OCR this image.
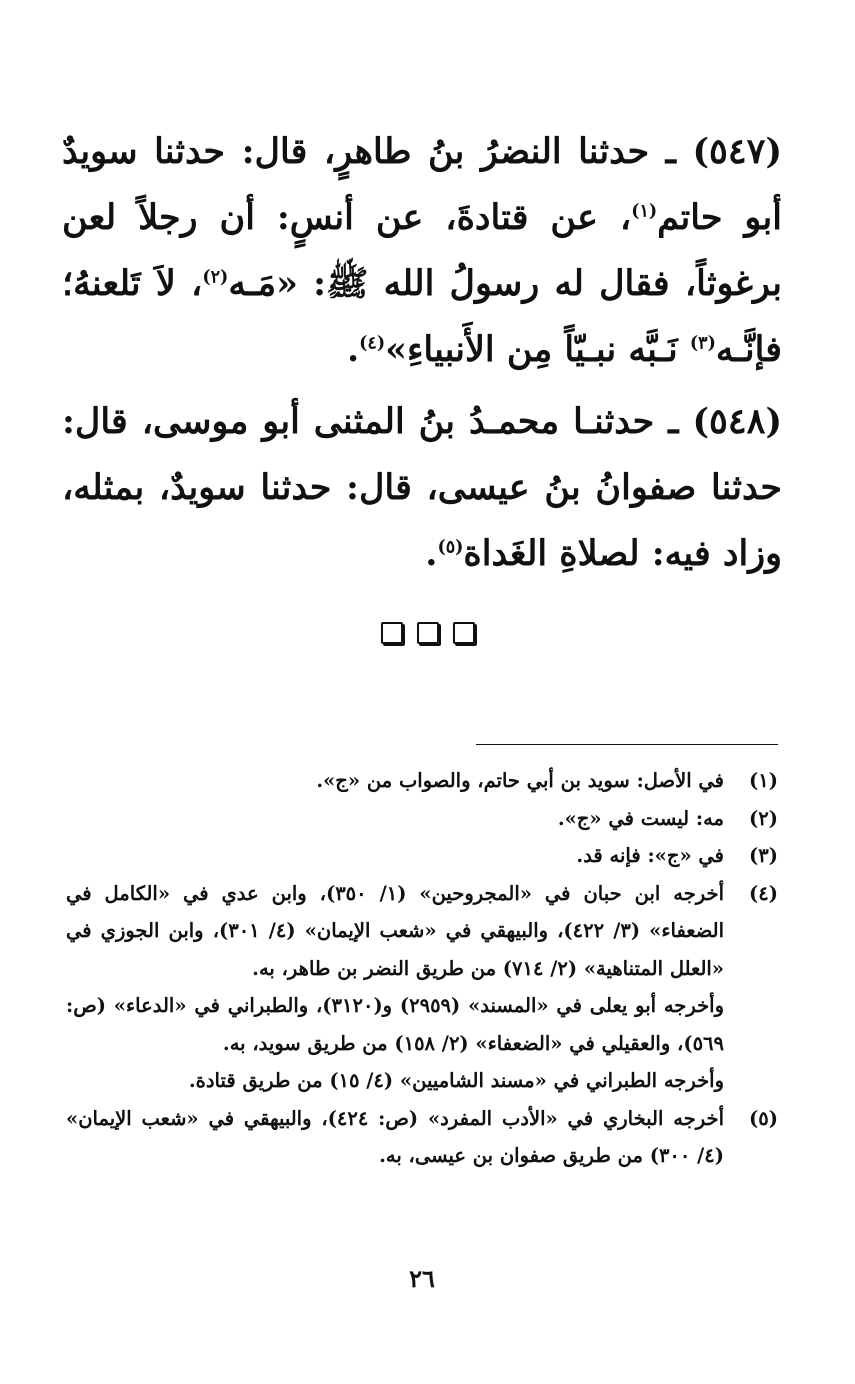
(٥٤٧) ـ حدثنا النضرُ بنُ طاهرٍ، قال: حدثنا سويدٌ أبو حاتم$^{(١)}$، عن قتادةَ، عن أنسٍ: أن رجلاً لعن برغوثاً، فقال له رسولُ الله ﷺ: «مَـه$^{(٢)}$، لاَ تَلعنهُ؛ فإنَّـه$^{(٣)}$ نَـبَّه نبـيّاً مِن الأَنبياءِ»$^{(٤)}$.

(٥٤٨) ـ حدثنـا محمـدُ بنُ المثنى أبو موسى، قال: حدثنا صفوانُ بنُ عيسى، قال: حدثنا سويدٌ، بمثله، وزاد فيه: لصلاةِ الغَداة$^{(٥)}$.

(١)

في الأصل: سويد بن أبي حاتم، والصواب من «ج».

(٢)

مه: ليست في «ج».

(٣)

في «ج»: فإنه قد.

(٤)

أخرجه ابن حبان في «المجروحين» (١/ ٣٥٠)، وابن عدي في «الكامل في الضعفاء» (٣/ ٤٢٢)، والبيهقي في «شعب الإيمان» (٤/ ٣٠١)، وابن الجوزي في «العلل المتناهية» (٢/ ٧١٤) من طريق النضر بن طاهر، به.

وأخرجه أبو يعلى في «المسند» (٢٩٥٩) و(٣١٢٠)، والطبراني في «الدعاء» (ص: ٥٦٩)، والعقيلي في «الضعفاء» (٢/ ١٥٨) من طريق سويد، به.

وأخرجه الطبراني في «مسند الشاميين» (٤/ ١٥) من طريق قتادة.

(٥)

أخرجه البخاري في «الأدب المفرد» (ص: ٤٢٤)، والبيهقي في «شعب الإيمان» (٤/ ٣٠٠) من طريق صفوان بن عيسى، به.

٢٦
